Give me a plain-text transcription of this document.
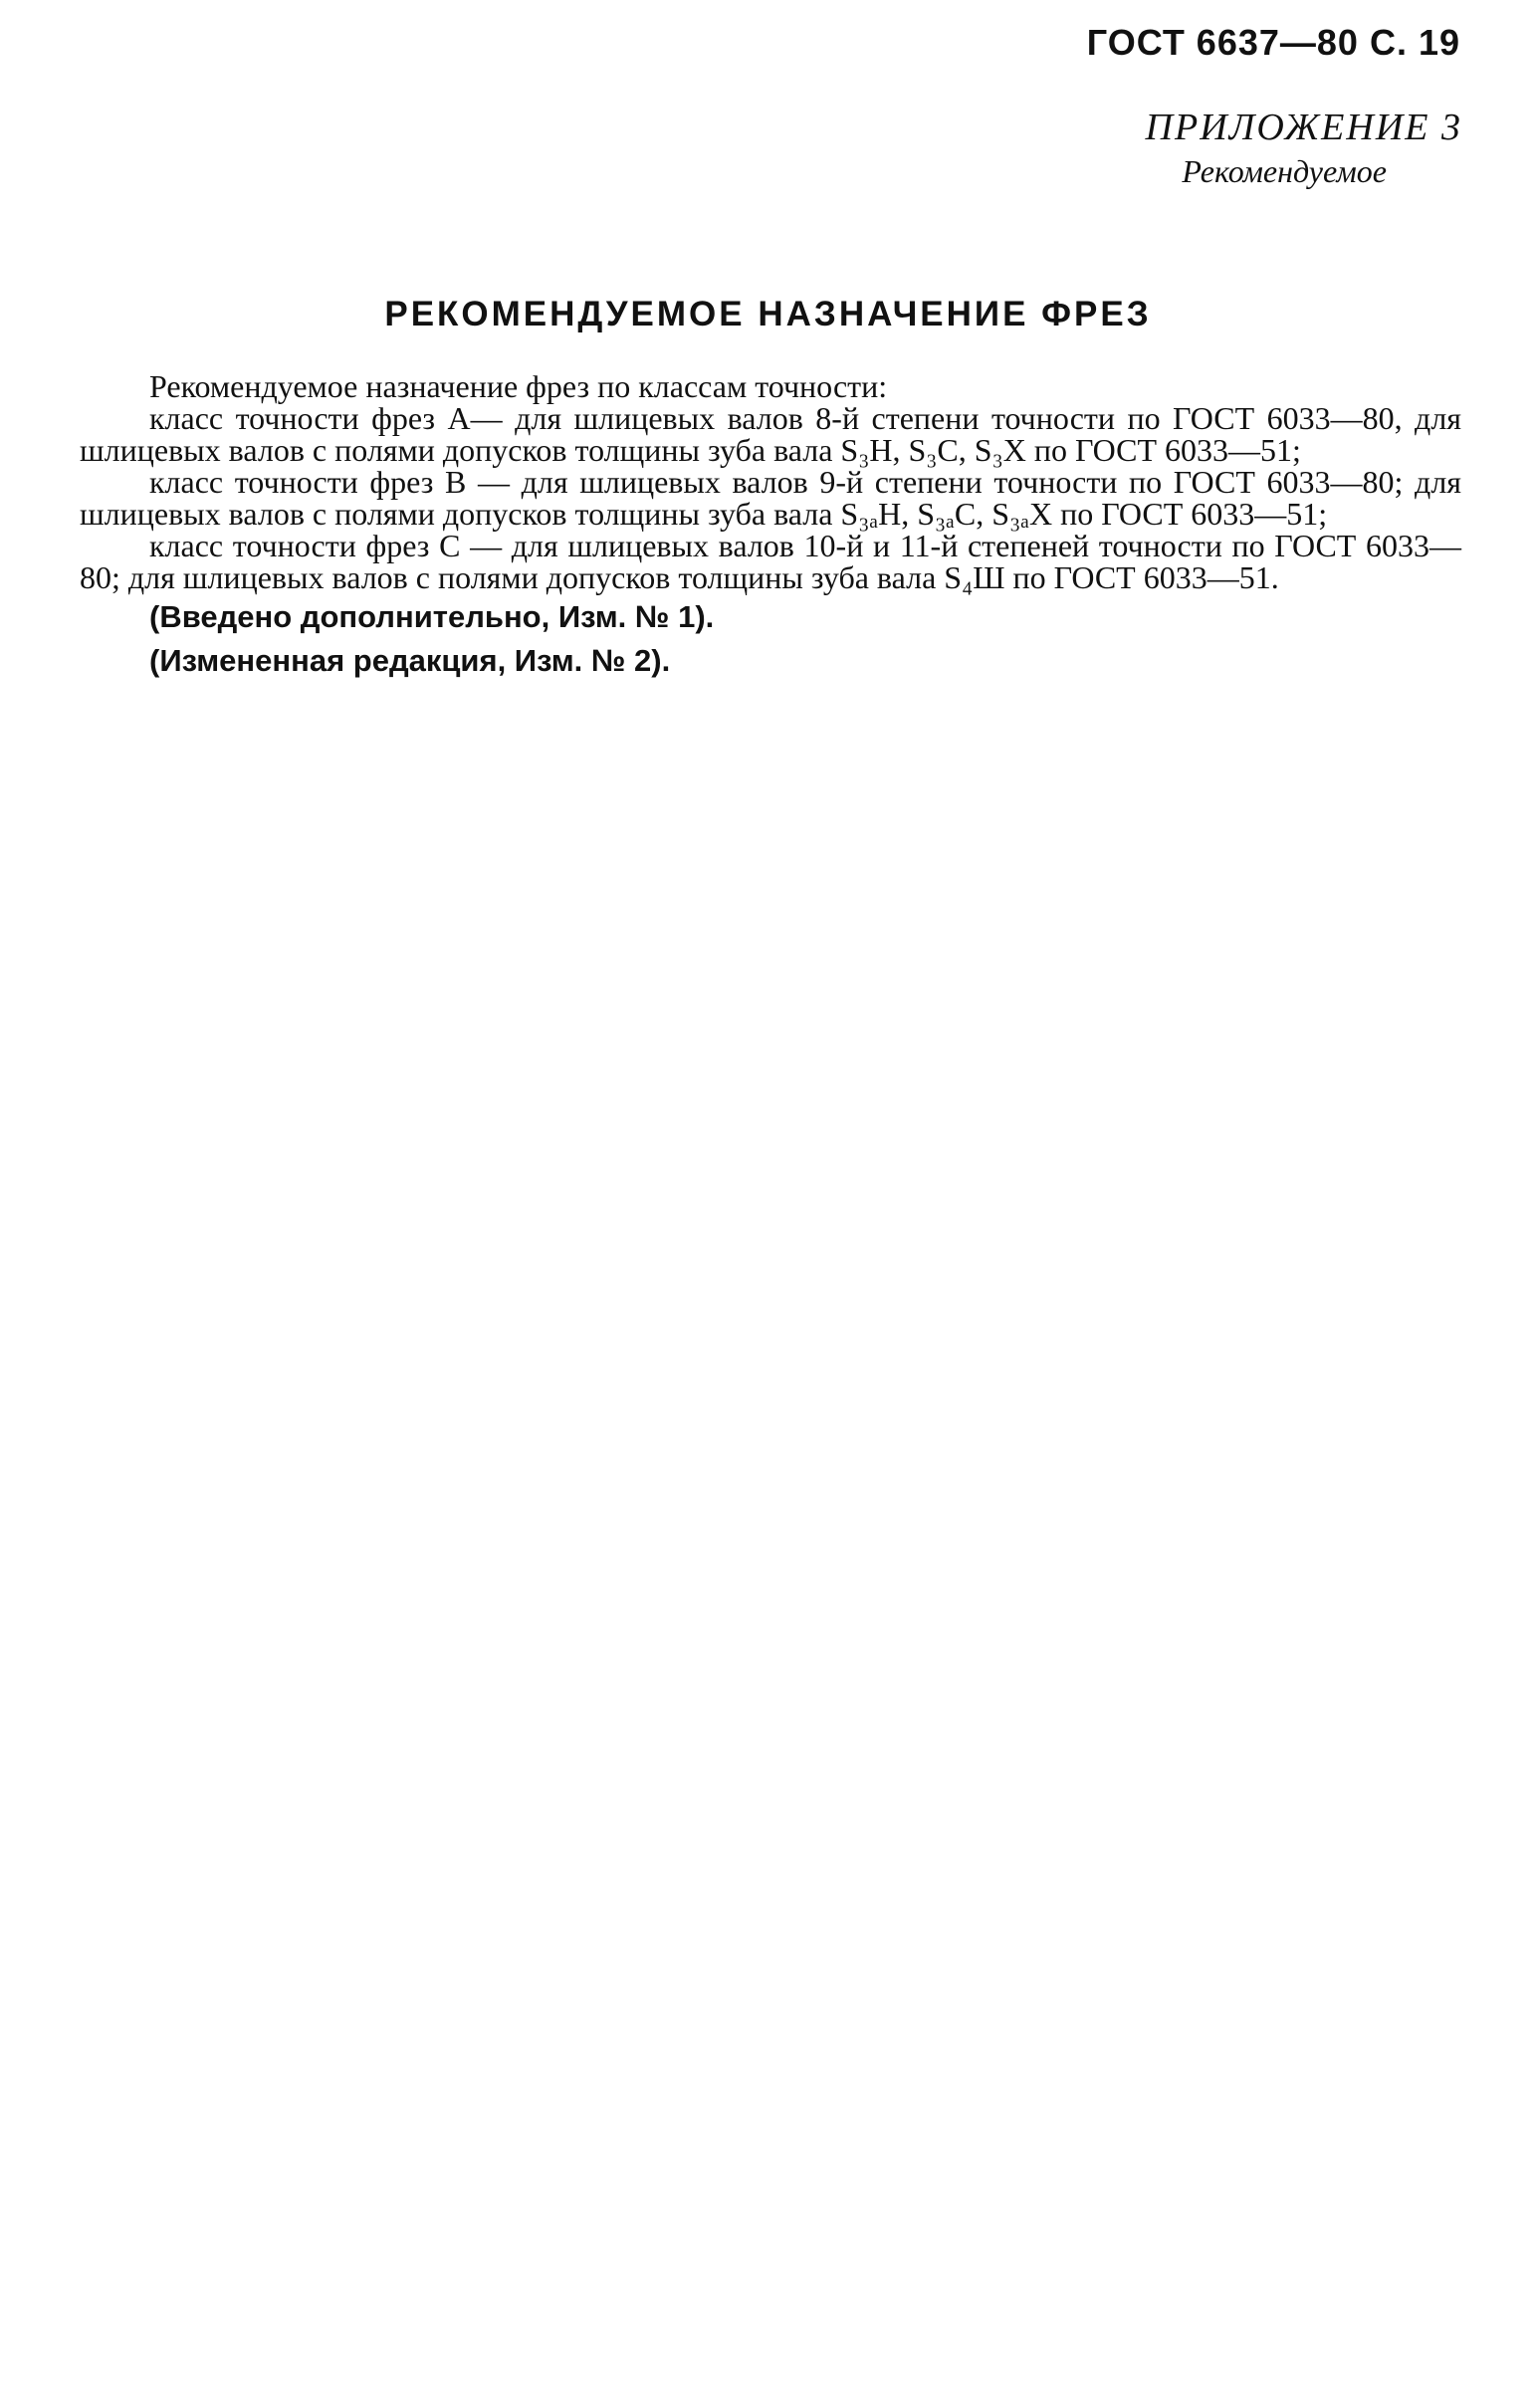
ГОСТ 6637—80 С. 19
ПРИЛОЖЕНИЕ 3
Рекомендуемое
РЕКОМЕНДУЕМОЕ НАЗНАЧЕНИЕ ФРЕЗ

Рекомендуемое назначение фрез по классам точности:

класс точности фрез А— для шлицевых валов 8-й степени точности по ГОСТ 6033—80, для шлицевых валов с полями допусков толщины зуба вала S₃H, S₃C, S₃X по ГОСТ 6033—51;

класс точности фрез В — для шлицевых валов 9-й степени точности по ГОСТ 6033—80; для шлицевых валов с полями допусков толщины зуба вала S₃ₐH, S₃ₐC, S₃ₐX по ГОСТ 6033—51;

класс точности фрез С — для шлицевых валов 10-й и 11-й степеней точности по ГОСТ 6033—80; для шлицевых валов с полями допусков толщины зуба вала S₄Ш по ГОСТ 6033—51.

(Введено дополнительно, Изм. № 1).

(Измененная редакция, Изм. № 2).
